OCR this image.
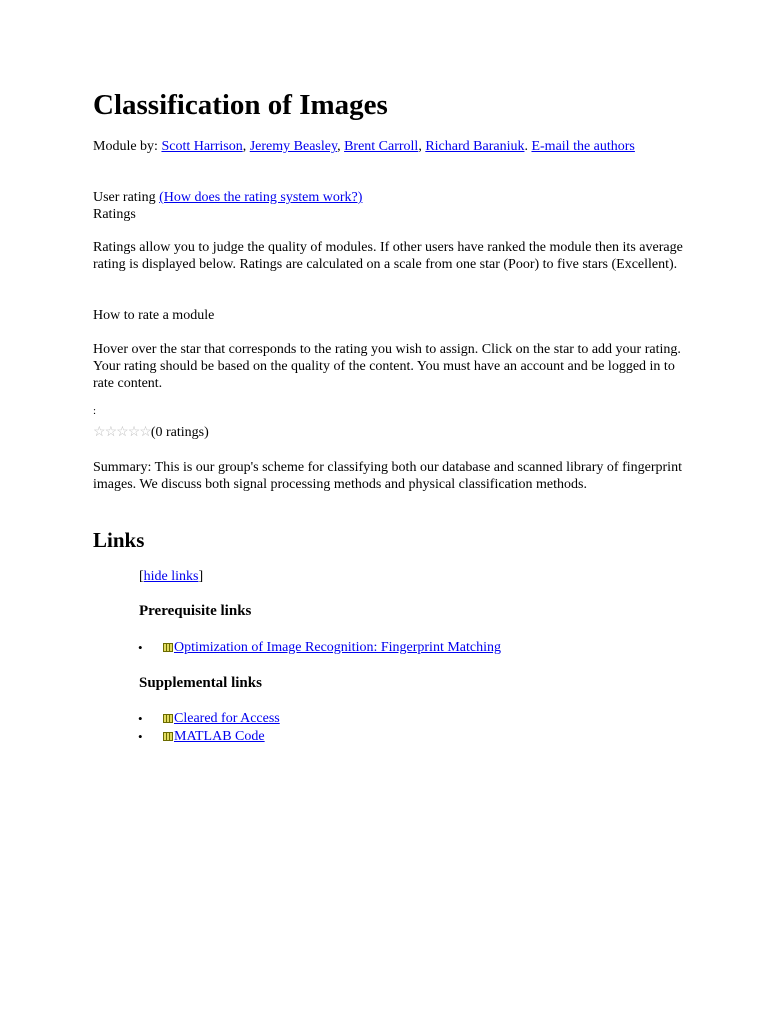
Classification of Images
Module by: Scott Harrison, Jeremy Beasley, Brent Carroll, Richard Baraniuk. E-mail the authors
User rating (How does the rating system work?)
Ratings
Ratings allow you to judge the quality of modules. If other users have ranked the module then its average rating is displayed below. Ratings are calculated on a scale from one star (Poor) to five stars (Excellent).
How to rate a module
Hover over the star that corresponds to the rating you wish to assign. Click on the star to add your rating. Your rating should be based on the quality of the content. You must have an account and be logged in to rate content.
:
☆☆☆☆☆(0 ratings)
Summary: This is our group's scheme for classifying both our database and scanned library of fingerprint images. We discuss both signal processing methods and physical classification methods.
Links
[hide links]
Prerequisite links
• Optimization of Image Recognition: Fingerprint Matching
Supplemental links
• Cleared for Access
• MATLAB Code
